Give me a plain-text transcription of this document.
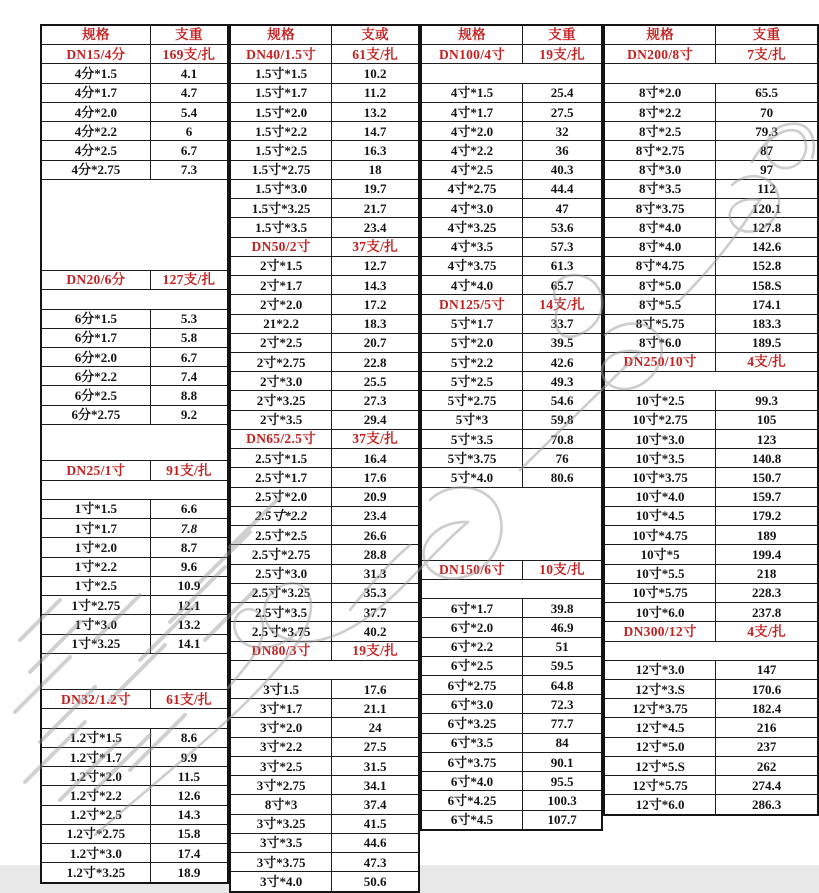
规格	支重
DN15/4分	169支/扎
4分*1.5	4.1
4分*1.7	4.7
4分*2.0	5.4
4分*2.2	6
4分*2.5	6.7
4分*2.75	7.3

DN20/6分	127支/扎

6分*1.5	5.3
6分*1.7	5.8
6分*2.0	6.7
6分*2.2	7.4
6分*2.5	8.8
6分*2.75	9.2

DN25/1寸	91支/扎

1寸*1.5	6.6
1寸*1.7	7.8
1寸*2.0	8.7
1寸*2.2	9.6
1寸*2.5	10.9
1寸*2.75	12.1
1寸*3.0	13.2
1寸*3.25	14.1

DN32/1.2寸	61支/扎

1.2寸*1.5	8.6
1.2寸*1.7	9.9
1.2寸*2.0	11.5
1.2寸*2.2	12.6
1.2寸*2.5	14.3
1.2寸*2.75	15.8
1.2寸*3.0	17.4
1.2寸*3.25	18.9
规格	支或
DN40/1.5寸	61支/扎
1.5寸*1.5	10.2
1.5寸*1.7	11.2
1.5寸*2.0	13.2
1.5寸*2.2	14.7
1.5寸*2.5	16.3
1.5寸*2.75	18
1.5寸*3.0	19.7
1.5寸*3.25	21.7
1.5寸*3.5	23.4
DN50/2寸	37支/扎
2寸*1.5	12.7
2寸*1.7	14.3
2寸*2.0	17.2
21*2.2	18.3
2寸*2.5	20.7
2寸*2.75	22.8
2寸*3.0	25.5
2寸*3.25	27.3
2寸*3.5	29.4
DN65/2.5寸	37支/扎
2.5寸*1.5	16.4
2.5寸*1.7	17.6
2.5寸*2.0	20.9
2.5寸*2.2	23.4
2.5寸*2.5	26.6
2.5寸*2.75	28.8
2.5寸*3.0	31.3
2.5寸*3.25	35.3
2.5寸*3.5	37.7
2.5寸*3.75	40.2
DN80/3寸	19支/扎

3寸1.5	17.6
3寸*1.7	21.1
3寸*2.0	24
3寸*2.2	27.5
3寸*2.5	31.5
3寸*2.75	34.1
8寸*3	37.4
3寸*3.25	41.5
3寸*3.5	44.6
3寸*3.75	47.3
3寸*4.0	50.6
规格	支重
DN100/4寸	19支/扎

4寸*1.5	25.4
4寸*1.7	27.5
4寸*2.0	32
4寸*2.2	36
4寸*2.5	40.3
4寸*2.75	44.4
4寸*3.0	47
4寸*3.25	53.6
4寸*3.5	57.3
4寸*3.75	61.3
4寸*4.0	65.7
DN125/5寸	14支/扎
5寸*1.7	33.7
5寸*2.0	39.5
5寸*2.2	42.6
5寸*2.5	49.3
5寸*2.75	54.6
5寸*3	59.8
5寸*3.5	70.8
5寸*3.75	76
5寸*4.0	80.6

DN150/6寸	10支/扎

6寸*1.7	39.8
6寸*2.0	46.9
6寸*2.2	51
6寸*2.5	59.5
6寸*2.75	64.8
6寸*3.0	72.3
6寸*3.25	77.7
6寸*3.5	84
6寸*3.75	90.1
6寸*4.0	95.5
6寸*4.25	100.3
6寸*4.5	107.7
规格	支重
DN200/8寸	7支/扎

8寸*2.0	65.5
8寸*2.2	70
8寸*2.5	79.3
8寸*2.75	87
8寸*3.0	97
8寸*3.5	112
8寸*3.75	120.1
8寸*4.0	127.8
8寸*4.0	142.6
8寸*4.75	152.8
8寸*5.0	158.S
8寸*5.5	174.1
8寸*5.75	183.3
8寸*6.0	189.5
DN250/10寸	4支/扎

10寸*2.5	99.3
10寸*2.75	105
10寸*3.0	123
10寸*3.5	140.8
10寸*3.75	150.7
10寸*4.0	159.7
10寸*4.5	179.2
10寸*4.75	189
10寸*5	199.4
10寸*5.5	218
10寸*5.75	228.3
10寸*6.0	237.8
DN300/12寸	4支/扎

12寸*3.0	147
12寸*3.S	170.6
12寸*3.75	182.4
12寸*4.5	216
12寸*5.0	237
12寸*5.S	262
12寸*5.75	274.4
12寸*6.0	286.3
